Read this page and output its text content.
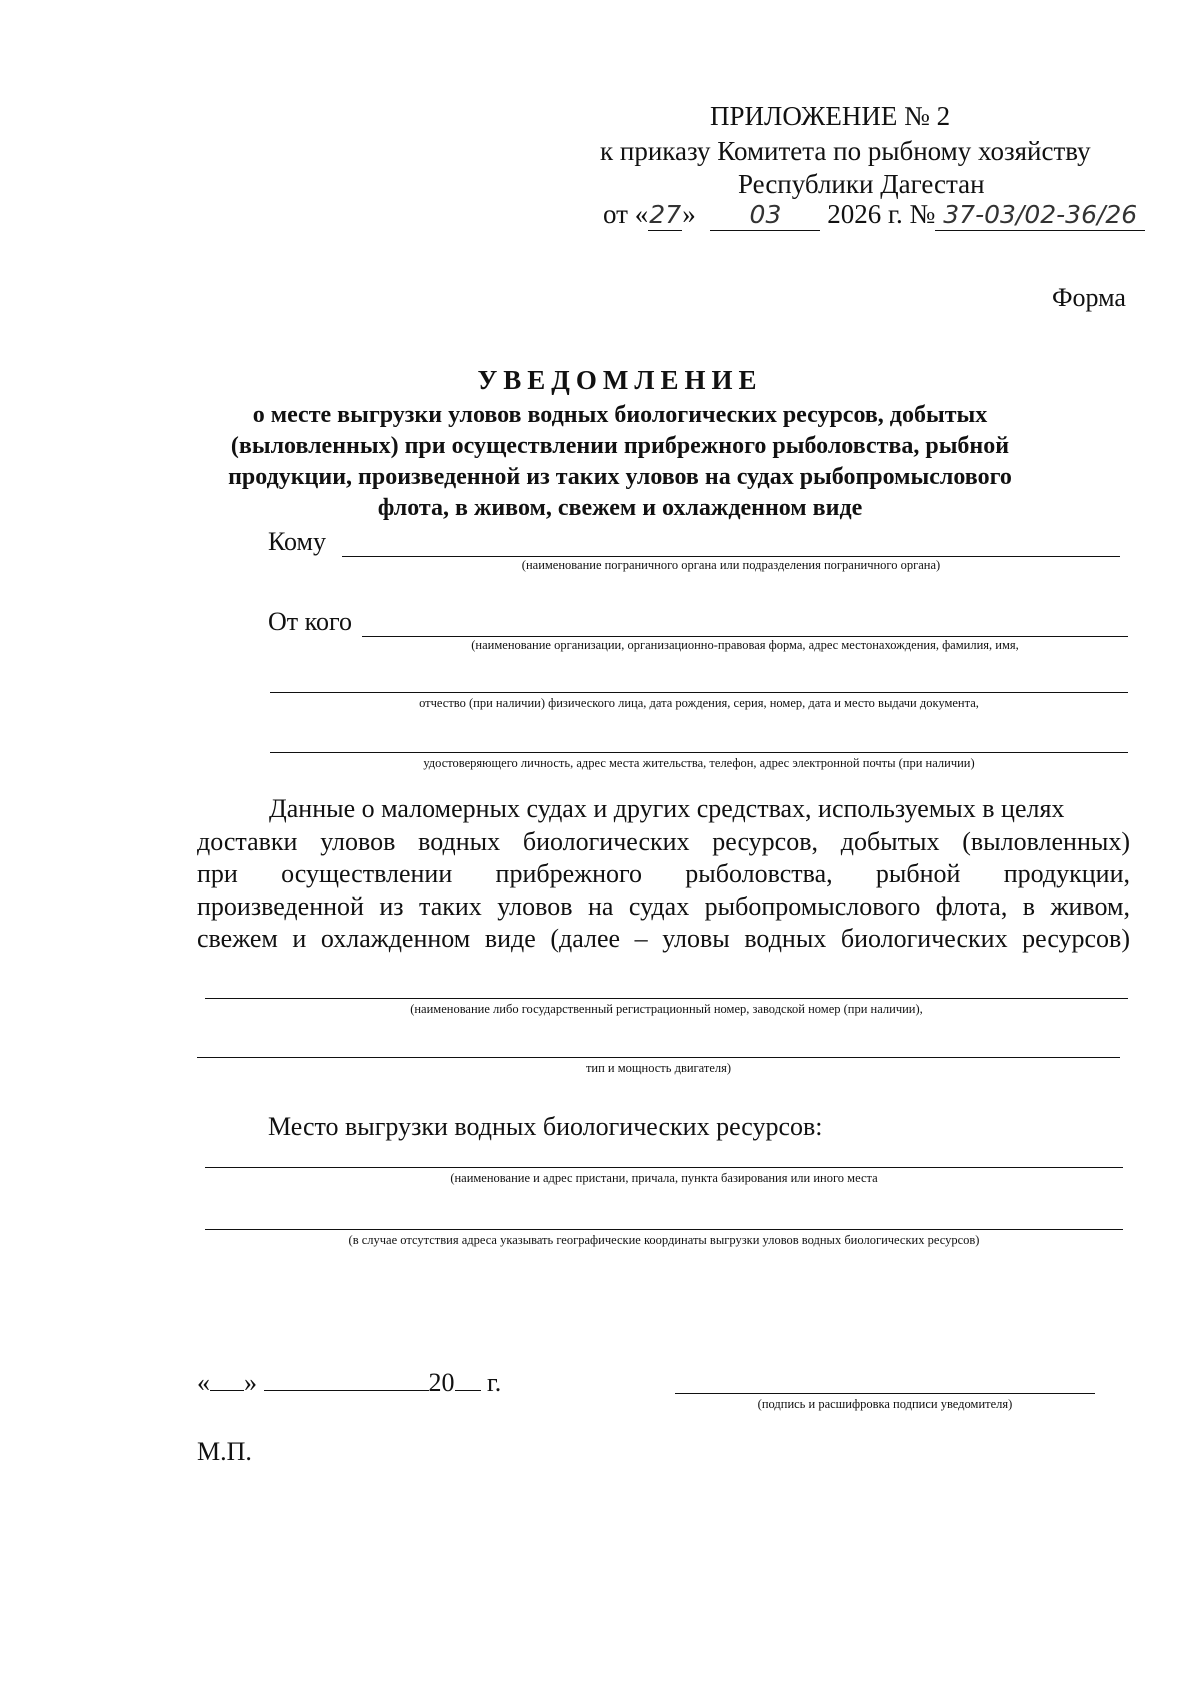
ПРИЛОЖЕНИЕ № 2
к приказу Комитета по рыбному хозяйству
Республики Дагестан
от «27» 03 2026 г. № 37-03/02-36/26
Форма
УВЕДОМЛЕНИЕ
о месте выгрузки уловов водных биологических ресурсов, добытых
(выловленных) при осуществлении прибрежного рыболовства, рыбной
продукции, произведенной из таких уловов на судах рыбопромыслового
флота, в живом, свежем и охлажденном виде
Кому
(наименование пограничного органа или подразделения пограничного органа)
От кого
(наименование организации, организационно-правовая форма, адрес местонахождения, фамилия, имя,
отчество (при наличии) физического лица, дата рождения, серия, номер, дата и место выдачи документа,
удостоверяющего личность, адрес места жительства, телефон, адрес электронной почты (при наличии)
Данные о маломерных судах и других средствах, используемых в целях
доставки уловов водных биологических ресурсов, добытых (выловленных)
при осуществлении прибрежного рыболовства, рыбной продукции,
произведенной из таких уловов на судах рыбопромыслового флота, в живом,
свежем и охлажденном виде (далее – уловы водных биологических ресурсов)
(наименование либо государственный регистрационный номер, заводской номер (при наличии),
тип и мощность двигателя)
Место выгрузки водных биологических ресурсов:
(наименование и адрес пристани, причала, пункта базирования или иного места
(в случае отсутствия адреса указывать географические координаты выгрузки уловов водных биологических ресурсов)
« »	20 г.
(подпись и расшифровка подписи уведомителя)
М.П.
